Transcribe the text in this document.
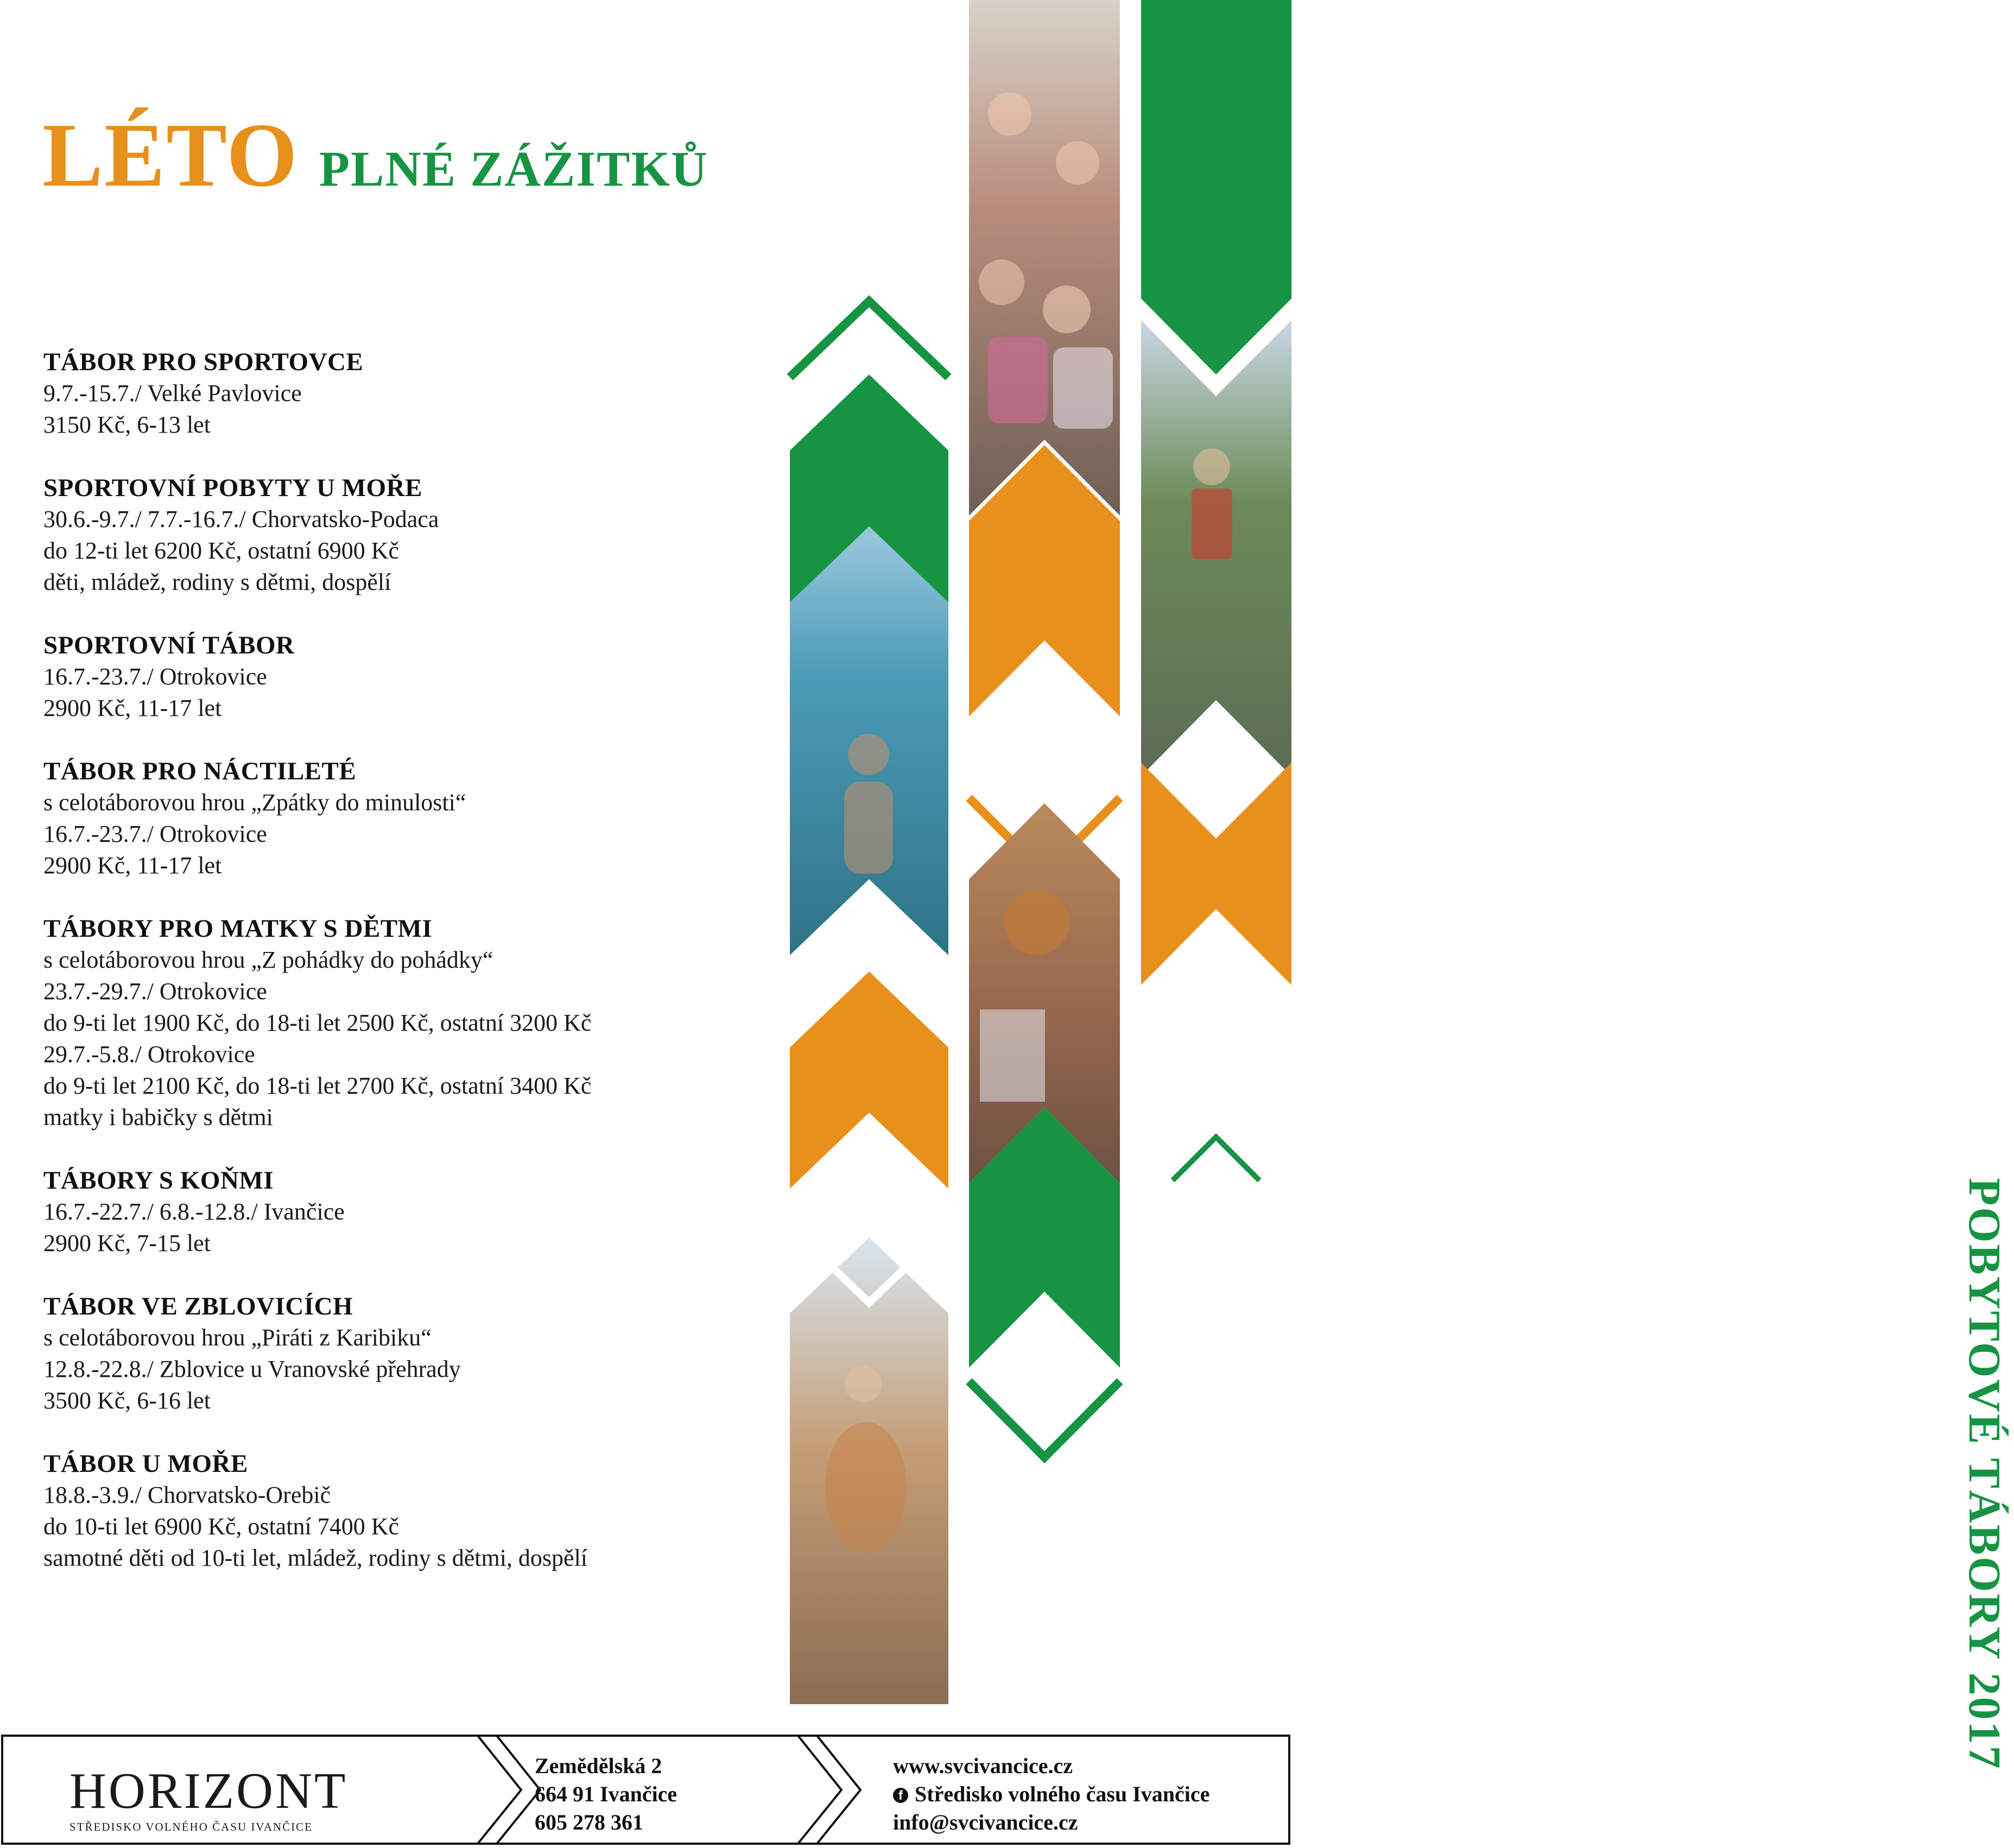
LÉTO PLNÉ ZÁŽITKŮ
TÁBOR PRO SPORTOVCE
9.7.-15.7./ Velké Pavlovice
3150 Kč, 6-13 let
SPORTOVNÍ POBYTY U MOŘE
30.6.-9.7./ 7.7.-16.7./ Chorvatsko-Podaca
do 12-ti let 6200 Kč, ostatní 6900 Kč
děti, mládež, rodiny s dětmi, dospělí
SPORTOVNÍ TÁBOR
16.7.-23.7./ Otrokovice
2900 Kč, 11-17 let
TÁBOR PRO NÁCTILETÉ
s celotáborovou hrou „Zpátky do minulosti“
16.7.-23.7./ Otrokovice
2900 Kč, 11-17 let
TÁBORY PRO MATKY S DĚTMI
s celotáborovou hrou „Z pohádky do pohádky“
23.7.-29.7./ Otrokovice
do 9-ti let 1900 Kč, do 18-ti let 2500 Kč, ostatní 3200 Kč
29.7.-5.8./ Otrokovice
do 9-ti let 2100 Kč, do 18-ti let 2700 Kč, ostatní 3400 Kč
matky i babičky s dětmi
TÁBORY S KOŇMI
16.7.-22.7./ 6.8.-12.8./ Ivančice
2900 Kč, 7-15 let
TÁBOR VE ZBLOVICÍCH
s celotáborovou hrou „Piráti z Karibiku“
12.8.-22.8./ Zblovice u Vranovské přehrady
3500 Kč, 6-16 let
TÁBOR U MOŘE
18.8.-3.9./ Chorvatsko-Orebič
do 10-ti let 6900 Kč, ostatní 7400 Kč
samotné děti od 10-ti let, mládež, rodiny s dětmi, dospělí	POBYTOVÉ TÁBORY 2017
HORIZONT
STŘEDISKO VOLNÉHO ČASU IVANČICE
Zemědělská 2
664 91 Ivančice
605 278 361
www.svcivancice.cz
f Středisko volného času Ivančice
info@svcivancice.cz
